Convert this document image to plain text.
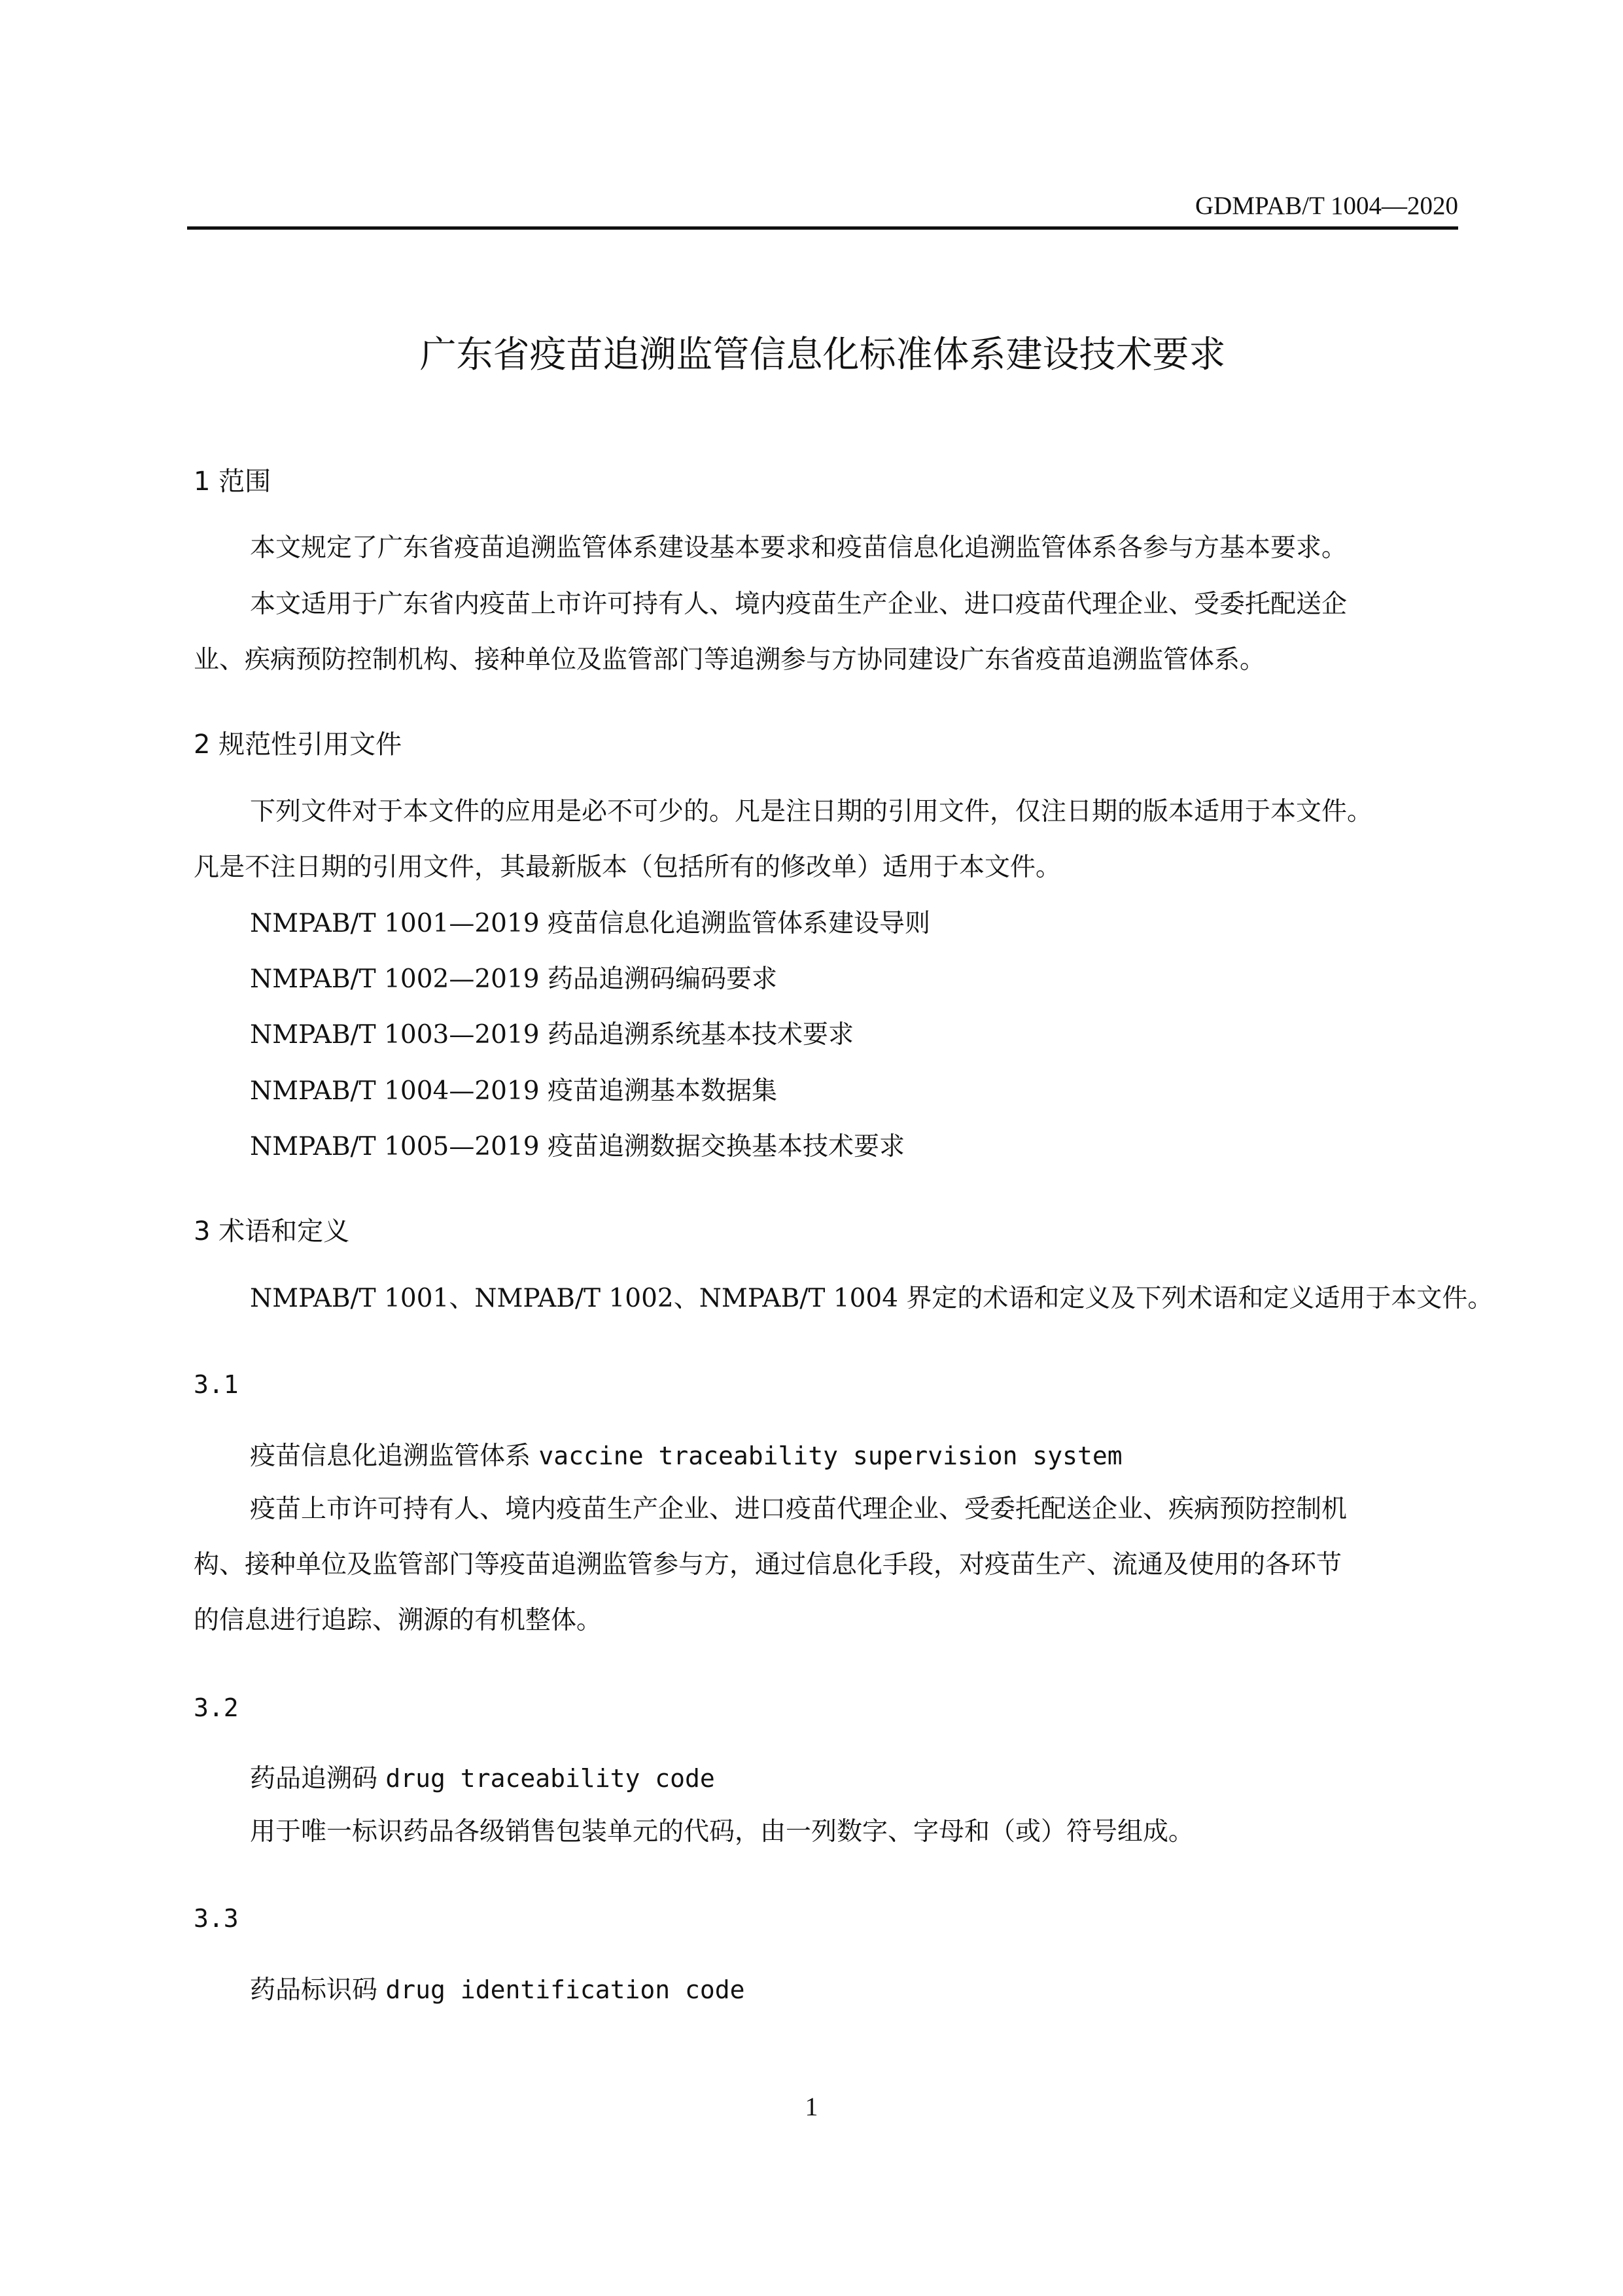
GDMPAB/T 1004—2020
广东省疫苗追溯监管信息化标准体系建设技术要求
1 范围
本文规定了广东省疫苗追溯监管体系建设基本要求和疫苗信息化追溯监管体系各参与方基本要求。
本文适用于广东省内疫苗上市许可持有人、境内疫苗生产企业、进口疫苗代理企业、受委托配送企
业、疾病预防控制机构、接种单位及监管部门等追溯参与方协同建设广东省疫苗追溯监管体系。
2 规范性引用文件
下列文件对于本文件的应用是必不可少的。凡是注日期的引用文件，仅注日期的版本适用于本文件。
凡是不注日期的引用文件，其最新版本（包括所有的修改单）适用于本文件。
NMPAB/T 1001—2019 疫苗信息化追溯监管体系建设导则
NMPAB/T 1002—2019 药品追溯码编码要求
NMPAB/T 1003—2019 药品追溯系统基本技术要求
NMPAB/T 1004—2019 疫苗追溯基本数据集
NMPAB/T 1005—2019 疫苗追溯数据交换基本技术要求
3 术语和定义
NMPAB/T 1001、NMPAB/T 1002、NMPAB/T 1004 界定的术语和定义及下列术语和定义适用于本文件。
3.1
疫苗信息化追溯监管体系 vaccine traceability supervision system
疫苗上市许可持有人、境内疫苗生产企业、进口疫苗代理企业、受委托配送企业、疾病预防控制机
构、接种单位及监管部门等疫苗追溯监管参与方，通过信息化手段，对疫苗生产、流通及使用的各环节
的信息进行追踪、溯源的有机整体。
3.2
药品追溯码 drug traceability code
用于唯一标识药品各级销售包装单元的代码，由一列数字、字母和（或）符号组成。
3.3
药品标识码 drug identification code
1
